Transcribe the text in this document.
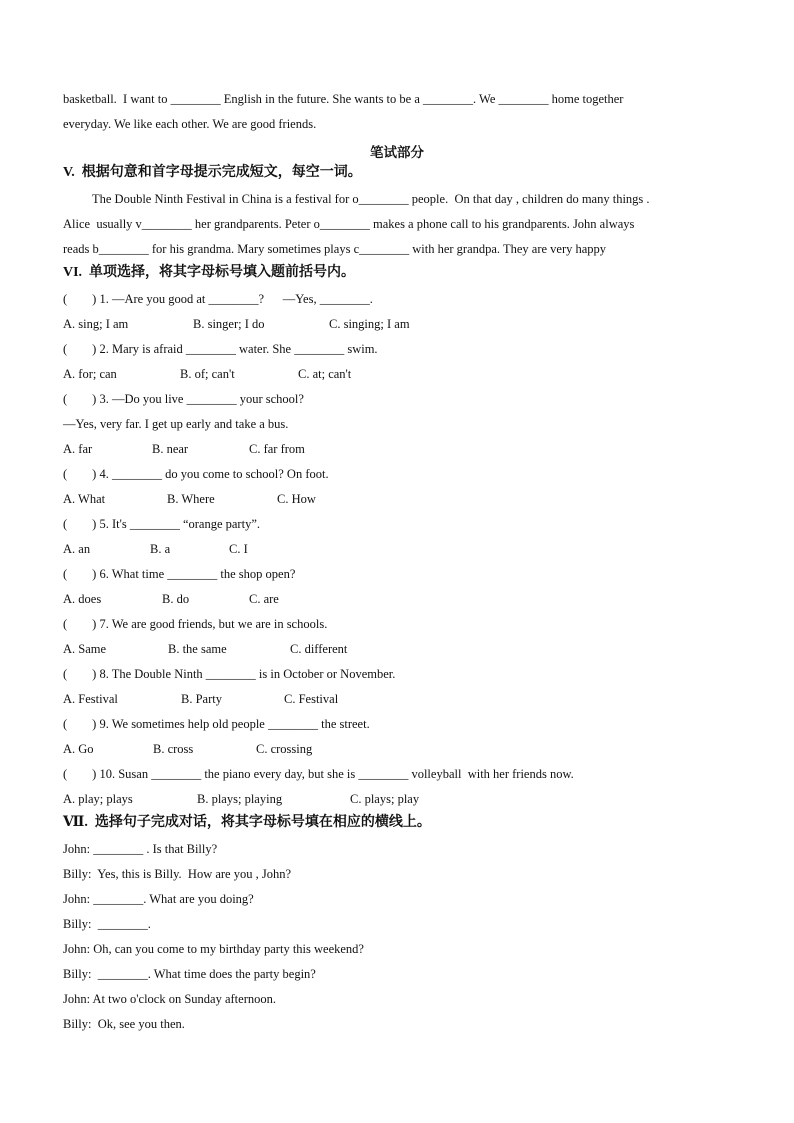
basketball.  I want to ________ English in the future. She wants to be a ________. We ________ home together
everyday. We like each other. We are good friends.
笔试部分
V.  根据句意和首字母提示完成短文，每空一词。
The Double Ninth Festival in China is a festival for o________ people.  On that day , children do many things .
Alice  usually v________ her grandparents. Peter o________ makes a phone call to his grandparents. John always
reads b________ for his grandma. Mary sometimes plays c________ with her grandpa. They are very happy
VI.  单项选择，将其字母标号填入题前括号内。
(        ) 1. —Are you good at ________?      —Yes, ________.
A. sing; I am	B. singer; I do	C. singing; I am
(        ) 2. Mary is afraid ________ water. She ________ swim.
A. for; can	B. of; can't	C. at; can't
(        ) 3. —Do you live ________ your school?
—Yes, very far. I get up early and take a bus.
A. far	B. near	C. far from
(        ) 4. ________ do you come to school? On foot.
A. What	B. Where	C. How
(        ) 5. It's ________ “orange party”.
A. an	B. a	C. I
(        ) 6. What time ________ the shop open?
A. does	B. do	C. are
(        ) 7. We are good friends, but we are in schools.
A. Same	B. the same	C. different
(        ) 8. The Double Ninth ________ is in October or November.
A. Festival	B. Party	C. Festival
(        ) 9. We sometimes help old people ________ the street.
A. Go	B. cross	C. crossing
(        ) 10. Susan ________ the piano every day, but she is ________ volleyball  with her friends now.
A. play; plays	B. plays; playing	C. plays; play
Ⅶ.  选择句子完成对话，将其字母标号填在相应的横线上。
John: ________ . Is that Billy?
Billy:  Yes, this is Billy.  How are you , John?
John: ________. What are you doing?
Billy:  ________.
John: Oh, can you come to my birthday party this weekend?
Billy:  ________. What time does the party begin?
John: At two o'clock on Sunday afternoon.
Billy:  Ok, see you then.
